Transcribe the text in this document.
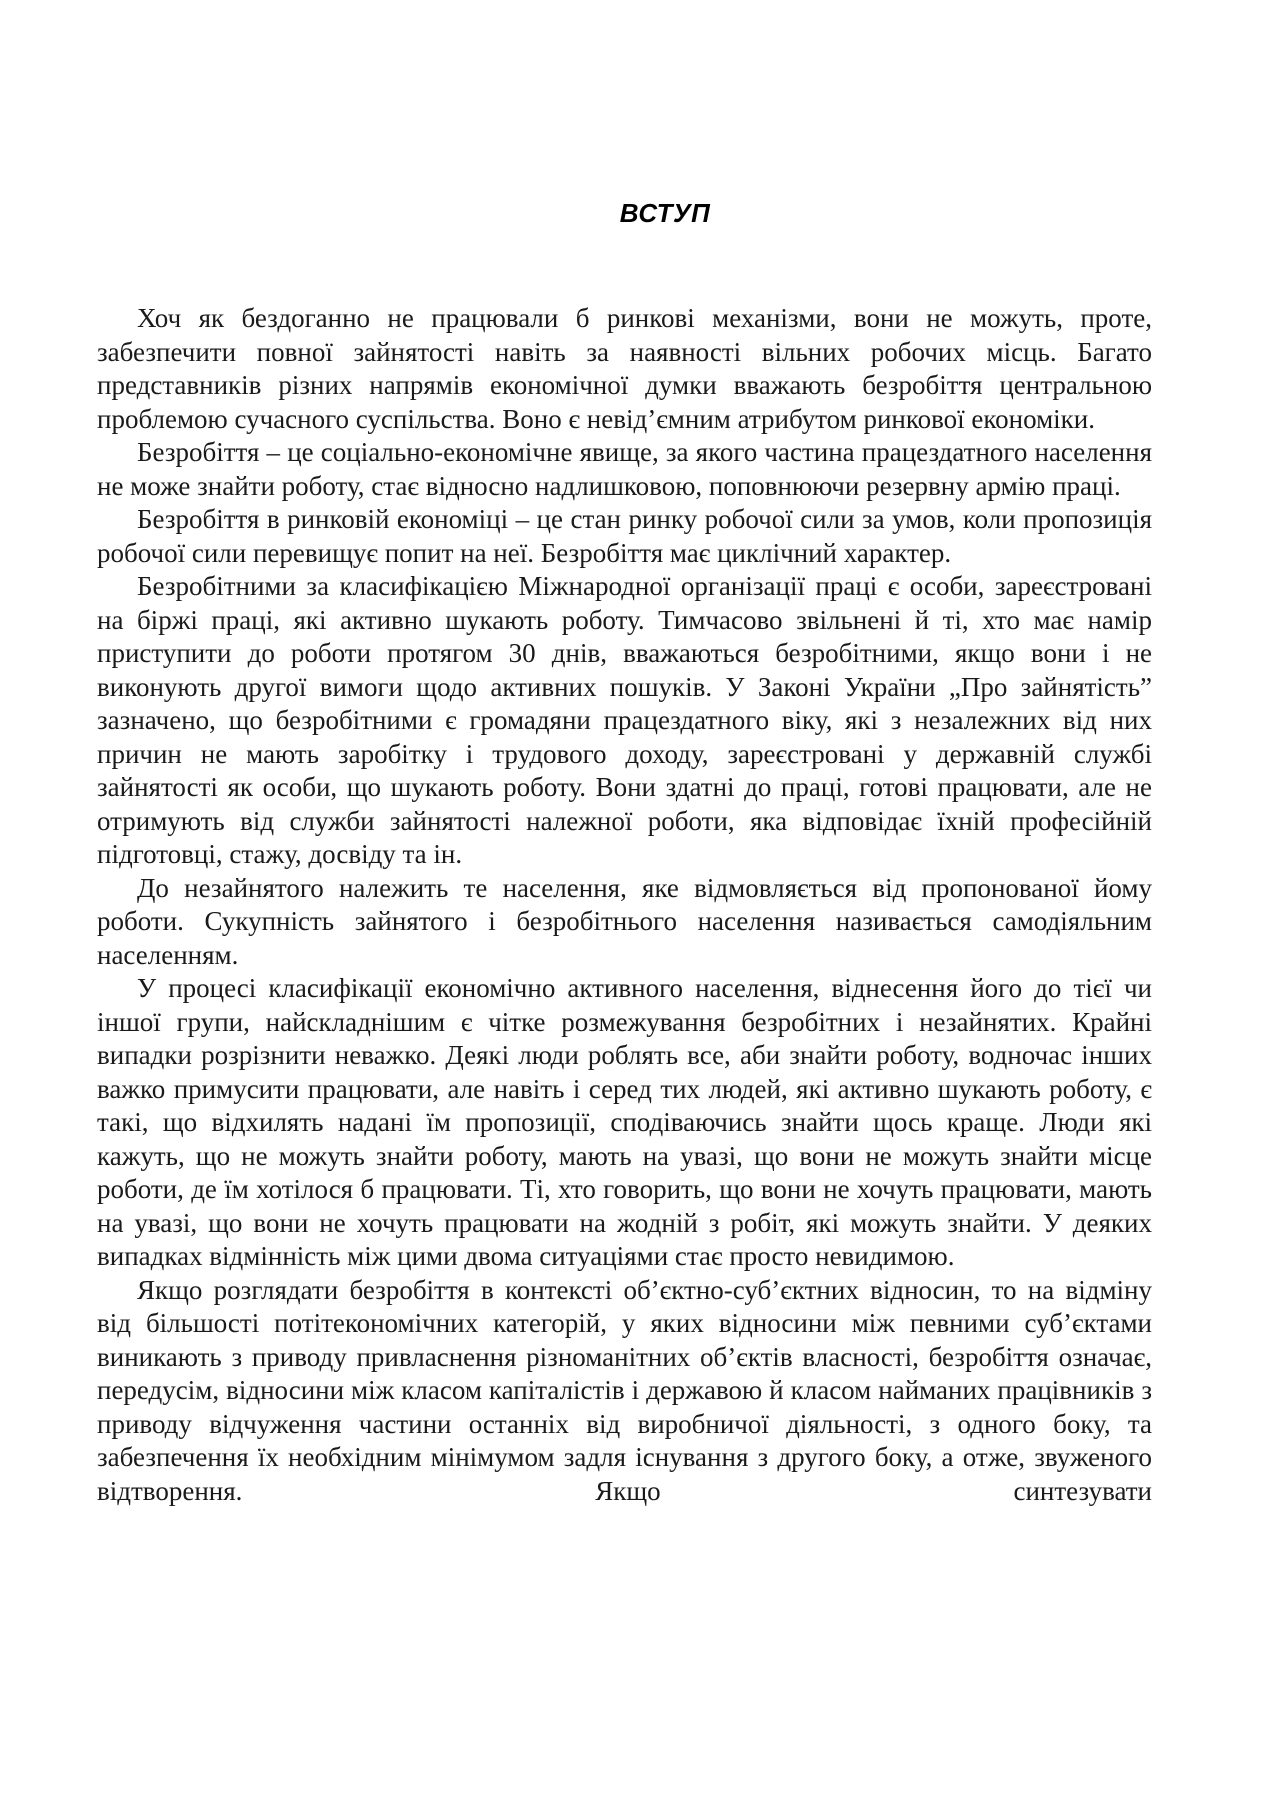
ВСТУП

Хоч як бездоганно не працювали б ринкові механізми, вони не можуть, проте, забезпечити повної зайнятості навіть за наявності вільних робочих місць. Багато представників різних напрямів економічної думки вважають безробіття центральною проблемою сучасного суспільства. Воно є невід’ємним атрибутом ринкової економіки.

Безробіття – це соціально-економічне явище, за якого частина працездатного населення не може знайти роботу, стає відносно надлишковою, поповнюючи резервну армію праці.

Безробіття в ринковій економіці – це стан ринку робочої сили за умов, коли пропозиція робочої сили перевищує попит на неї. Безробіття має циклічний характер.

Безробітними за класифікацією Міжнародної організації праці є особи, зареєстровані на біржі праці, які активно шукають роботу. Тимчасово звільнені й ті, хто має намір приступити до роботи протягом 30 днів, вважаються безробітними, якщо вони і не виконують другої вимоги щодо активних пошуків. У Законі України „Про зайнятість” зазначено, що безробітними є громадяни працездатного віку, які з незалежних від них причин не мають заробітку і трудового доходу, зареєстровані у державній службі зайнятості як особи, що шукають роботу. Вони здатні до праці, готові працювати, але не отримують від служби зайнятості належної роботи, яка відповідає їхній професійній підготовці, стажу, досвіду та ін.

До незайнятого належить те населення, яке відмовляється від пропонованої йому роботи. Сукупність зайнятого і безробітнього населення називається самодіяльним населенням.

У процесі класифікації економічно активного населення, віднесення його до тієї чи іншої групи, найскладнішим є чітке розмежування безробітних і незайнятих. Крайні випадки розрізнити неважко. Деякі люди роблять все, аби знайти роботу, водночас інших важко примусити працювати, але навіть і серед тих людей, які активно шукають роботу, є такі, що відхилять надані їм пропозиції, сподіваючись знайти щось краще. Люди які кажуть, що не можуть знайти роботу, мають на увазі, що вони не можуть знайти місце роботи, де їм хотілося б працювати. Ті, хто говорить, що вони не хочуть працювати, мають на увазі, що вони не хочуть працювати на жодній з робіт, які можуть знайти. У деяких випадках відмінність між цими двома ситуаціями стає просто невидимою.

Якщо розглядати безробіття в контексті об’єктно-суб’єктних відносин, то на відміну від більшості потітекономічних категорій, у яких відносини між певними суб’єктами виникають з приводу привласнення різноманітних об’єктів власності, безробіття означає, передусім, відносини між класом капіталістів і державою й класом найманих працівників з приводу відчуження частини останніх від виробничої діяльності, з одного боку, та забезпечення їх необхідним мінімумом задля існування з другого боку, а отже, звуженого відтворення. Якщо синтезувати
